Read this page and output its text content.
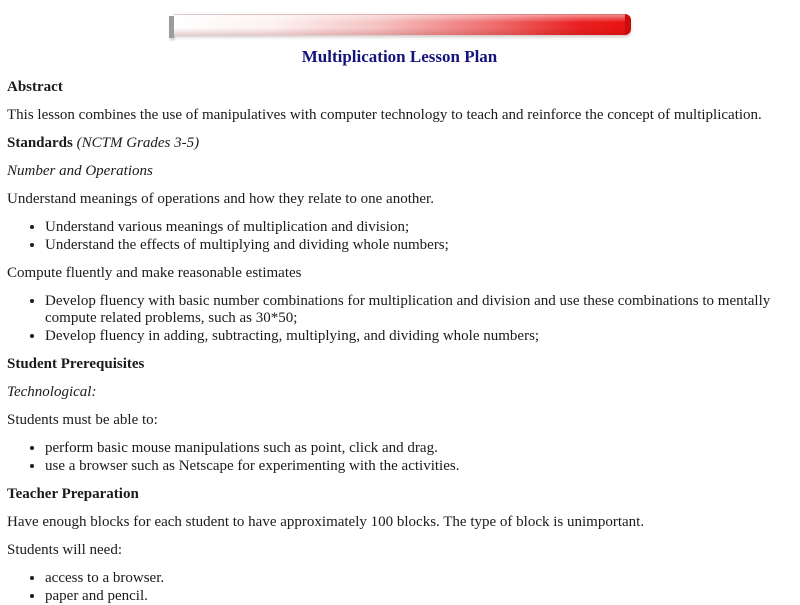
Multiplication Lesson Plan

Abstract

This lesson combines the use of manipulatives with computer technology to teach and reinforce the concept of multiplication.

Standards (NCTM Grades 3-5)

Number and Operations

Understand meanings of operations and how they relate to one another.

• Understand various meanings of multiplication and division;
• Understand the effects of multiplying and dividing whole numbers;

Compute fluently and make reasonable estimates

• Develop fluency with basic number combinations for multiplication and division and use these combinations to mentally compute related problems, such as 30*50;
• Develop fluency in adding, subtracting, multiplying, and dividing whole numbers;

Student Prerequisites

Technological:

Students must be able to:

• perform basic mouse manipulations such as point, click and drag.
• use a browser such as Netscape for experimenting with the activities.

Teacher Preparation

Have enough blocks for each student to have approximately 100 blocks. The type of block is unimportant.

Students will need:

• access to a browser.
• paper and pencil.
